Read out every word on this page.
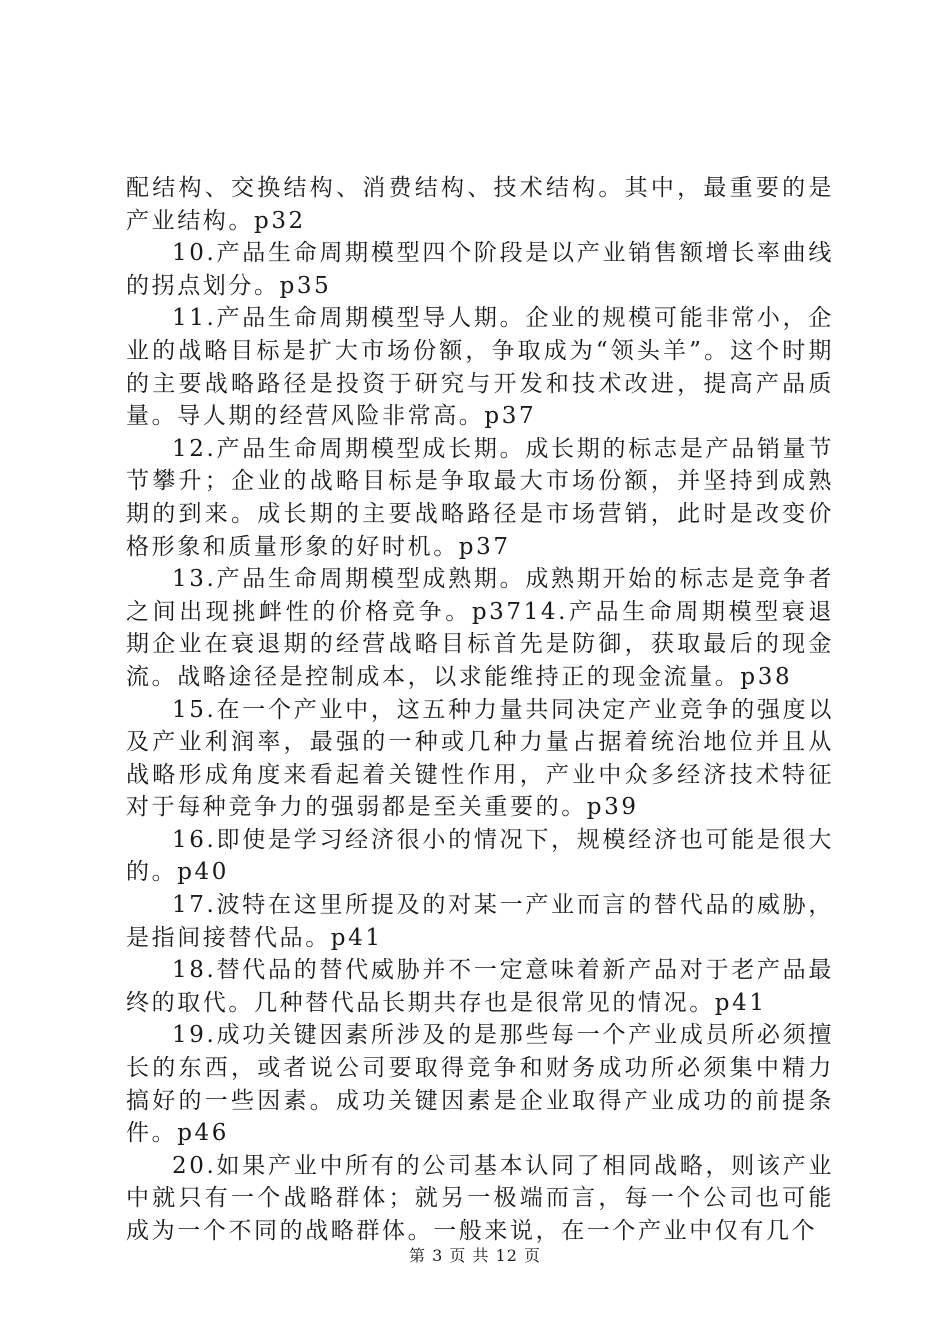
配结构、交换结构、消费结构、技术结构。其中，最重要的是产业结构。p32

10.产品生命周期模型四个阶段是以产业销售额增长率曲线的拐点划分。p35

11.产品生命周期模型导人期。企业的规模可能非常小，企业的战略目标是扩大市场份额，争取成为“领头羊”。这个时期的主要战略路径是投资于研究与开发和技术改进，提高产品质量。导人期的经营风险非常高。p37

12.产品生命周期模型成长期。成长期的标志是产品销量节节攀升；企业的战略目标是争取最大市场份额，并坚持到成熟期的到来。成长期的主要战略路径是市场营销，此时是改变价格形象和质量形象的好时机。p37

13.产品生命周期模型成熟期。成熟期开始的标志是竞争者之间出现挑衅性的价格竞争。p3714.产品生命周期模型衰退期企业在衰退期的经营战略目标首先是防御，获取最后的现金流。战略途径是控制成本，以求能维持正的现金流量。p38

15.在一个产业中，这五种力量共同决定产业竞争的强度以及产业利润率，最强的一种或几种力量占据着统治地位并且从战略形成角度来看起着关键性作用，产业中众多经济技术特征对于每种竞争力的强弱都是至关重要的。p39

16.即使是学习经济很小的情况下，规模经济也可能是很大的。p40

17.波特在这里所提及的对某一产业而言的替代品的威胁，是指间接替代品。p41

18.替代品的替代威胁并不一定意味着新产品对于老产品最终的取代。几种替代品长期共存也是很常见的情况。p41

19.成功关键因素所涉及的是那些每一个产业成员所必须擅长的东西，或者说公司要取得竞争和财务成功所必须集中精力搞好的一些因素。成功关键因素是企业取得产业成功的前提条件。p46

20.如果产业中所有的公司基本认同了相同战略，则该产业中就只有一个战略群体；就另一极端而言，每一个公司也可能成为一个不同的战略群体。一般来说，在一个产业中仅有几个

第 3 页 共 12 页
